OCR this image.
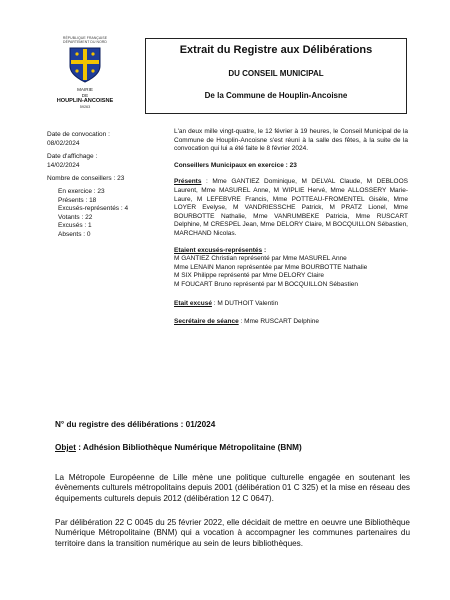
RÉPUBLIQUE FRANÇAISE
DÉPARTEMENT DU NORD
MAIRIE
DE
HOUPLIN-ANCOISNE
59263
Extrait du Registre aux Délibérations
DU CONSEIL MUNICIPAL
De la Commune de Houplin-Ancoisne
Date de convocation :
08/02/2024
Date d'affichage :
14/02/2024
Nombre de conseillers : 23
En exercice : 23
Présents : 18
Excusés-représentés : 4
Votants : 22
Excusés : 1
Absents : 0
L'an deux mille vingt-quatre, le 12 février à 19 heures, le Conseil Municipal de la Commune de Houplin-Ancoisne s'est réuni à la salle des fêtes, à la suite de la convocation qui lui a été faite le 8 février 2024.
Conseillers Municipaux en exercice : 23
Présents : Mme GANTIEZ Dominique, M DELVAL Claude, M DEBLOOS Laurent, Mme MASUREL Anne, M WIPLIE Hervé, Mme ALLOSSERY Marie-Laure, M LEFEBVRE Francis, Mme POTTEAU-FROMENTEL Gisèle, Mme LOYER Evelyse, M VANDRIESSCHE Patrick, M PRATZ Lionel, Mme BOURBOTTE Nathalie, Mme VANRUMBEKE Patricia, Mme RUSCART Delphine, M CRESPEL Jean, Mme DELORY Claire, M BOCQUILLON Sébastien, MARCHAND Nicolas.
Etaient excusés-représentés :
M GANTIEZ Christian représenté par Mme MASUREL Anne
Mme LENAIN Manon représentée par Mme BOURBOTTE Nathalie
M SIX Philippe représenté par Mme DELORY Claire
M FOUCART Bruno représenté par M BOCQUILLON Sébastien
Etait excusé : M DUTHOIT Valentin
Secrétaire de séance : Mme RUSCART Delphine
N° du registre des délibérations : 01/2024
Objet : Adhésion Bibliothèque Numérique Métropolitaine (BNM)
La Métropole Européenne de Lille mène une politique culturelle engagée en soutenant les évènements culturels métropolitains depuis 2001 (délibération 01 C 325) et la mise en réseau des équipements culturels depuis 2012 (délibération 12 C 0647).
Par délibération 22 C 0045 du 25 février 2022, elle décidait de mettre en oeuvre une Bibliothèque Numérique Métropolitaine (BNM) qui a vocation à accompagner les communes partenaires du territoire dans la transition numérique au sein de leurs bibliothèques.
